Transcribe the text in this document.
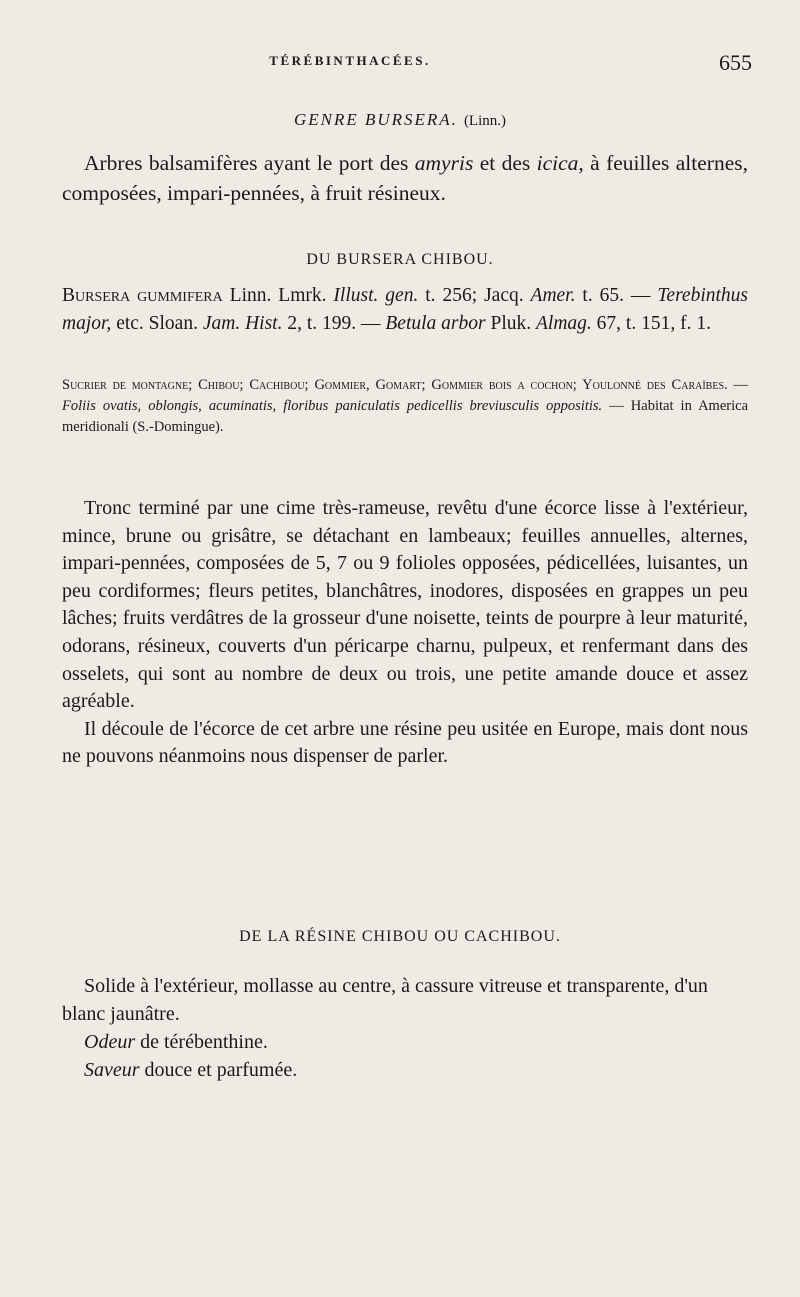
TÉRÉBINTHACÉES.	655
GENRE BURSERA. (Linn.)

Arbres balsamifères ayant le port des amyris et des icica, à feuilles alternes, composées, impari-pennées, à fruit résineux.

DU BURSERA CHIBOU.

Bursera gummifera Linn. Lmrk. Illust. gen. t. 256; Jacq. Amer. t. 65. — Terebinthus major, etc. Sloan. Jam. Hist. 2, t. 199. — Betula arbor Pluk. Almag. 67, t. 151, f. 1.

Sucrier de montagne; Chibou; Cachibou; Gommier, Gomart; Gommier bois a cochon; Youlonné des Caraïbes. — Foliis ovatis, oblongis, acuminatis, floribus paniculatis pedicellis breviusculis oppositis. — Habitat in America meridionali (S.-Domingue).

Tronc terminé par une cime très-rameuse, revêtu d'une écorce lisse à l'extérieur, mince, brune ou grisâtre, se détachant en lambeaux; feuilles annuelles, alternes, impari-pennées, composées de 5, 7 ou 9 folioles opposées, pédicellées, luisantes, un peu cordiformes; fleurs petites, blanchâtres, inodores, disposées en grappes un peu lâches; fruits verdâtres de la grosseur d'une noisette, teints de pourpre à leur maturité, odorans, résineux, couverts d'un péricarpe charnu, pulpeux, et renfermant dans des osselets, qui sont au nombre de deux ou trois, une petite amande douce et assez agréable.

Il découle de l'écorce de cet arbre une résine peu usitée en Europe, mais dont nous ne pouvons néanmoins nous dispenser de parler.

DE LA RÉSINE CHIBOU OU CACHIBOU.

Solide à l'extérieur, mollasse au centre, à cassure vitreuse et transparente, d'un blanc jaunâtre.

Odeur de térébenthine.

Saveur douce et parfumée.
